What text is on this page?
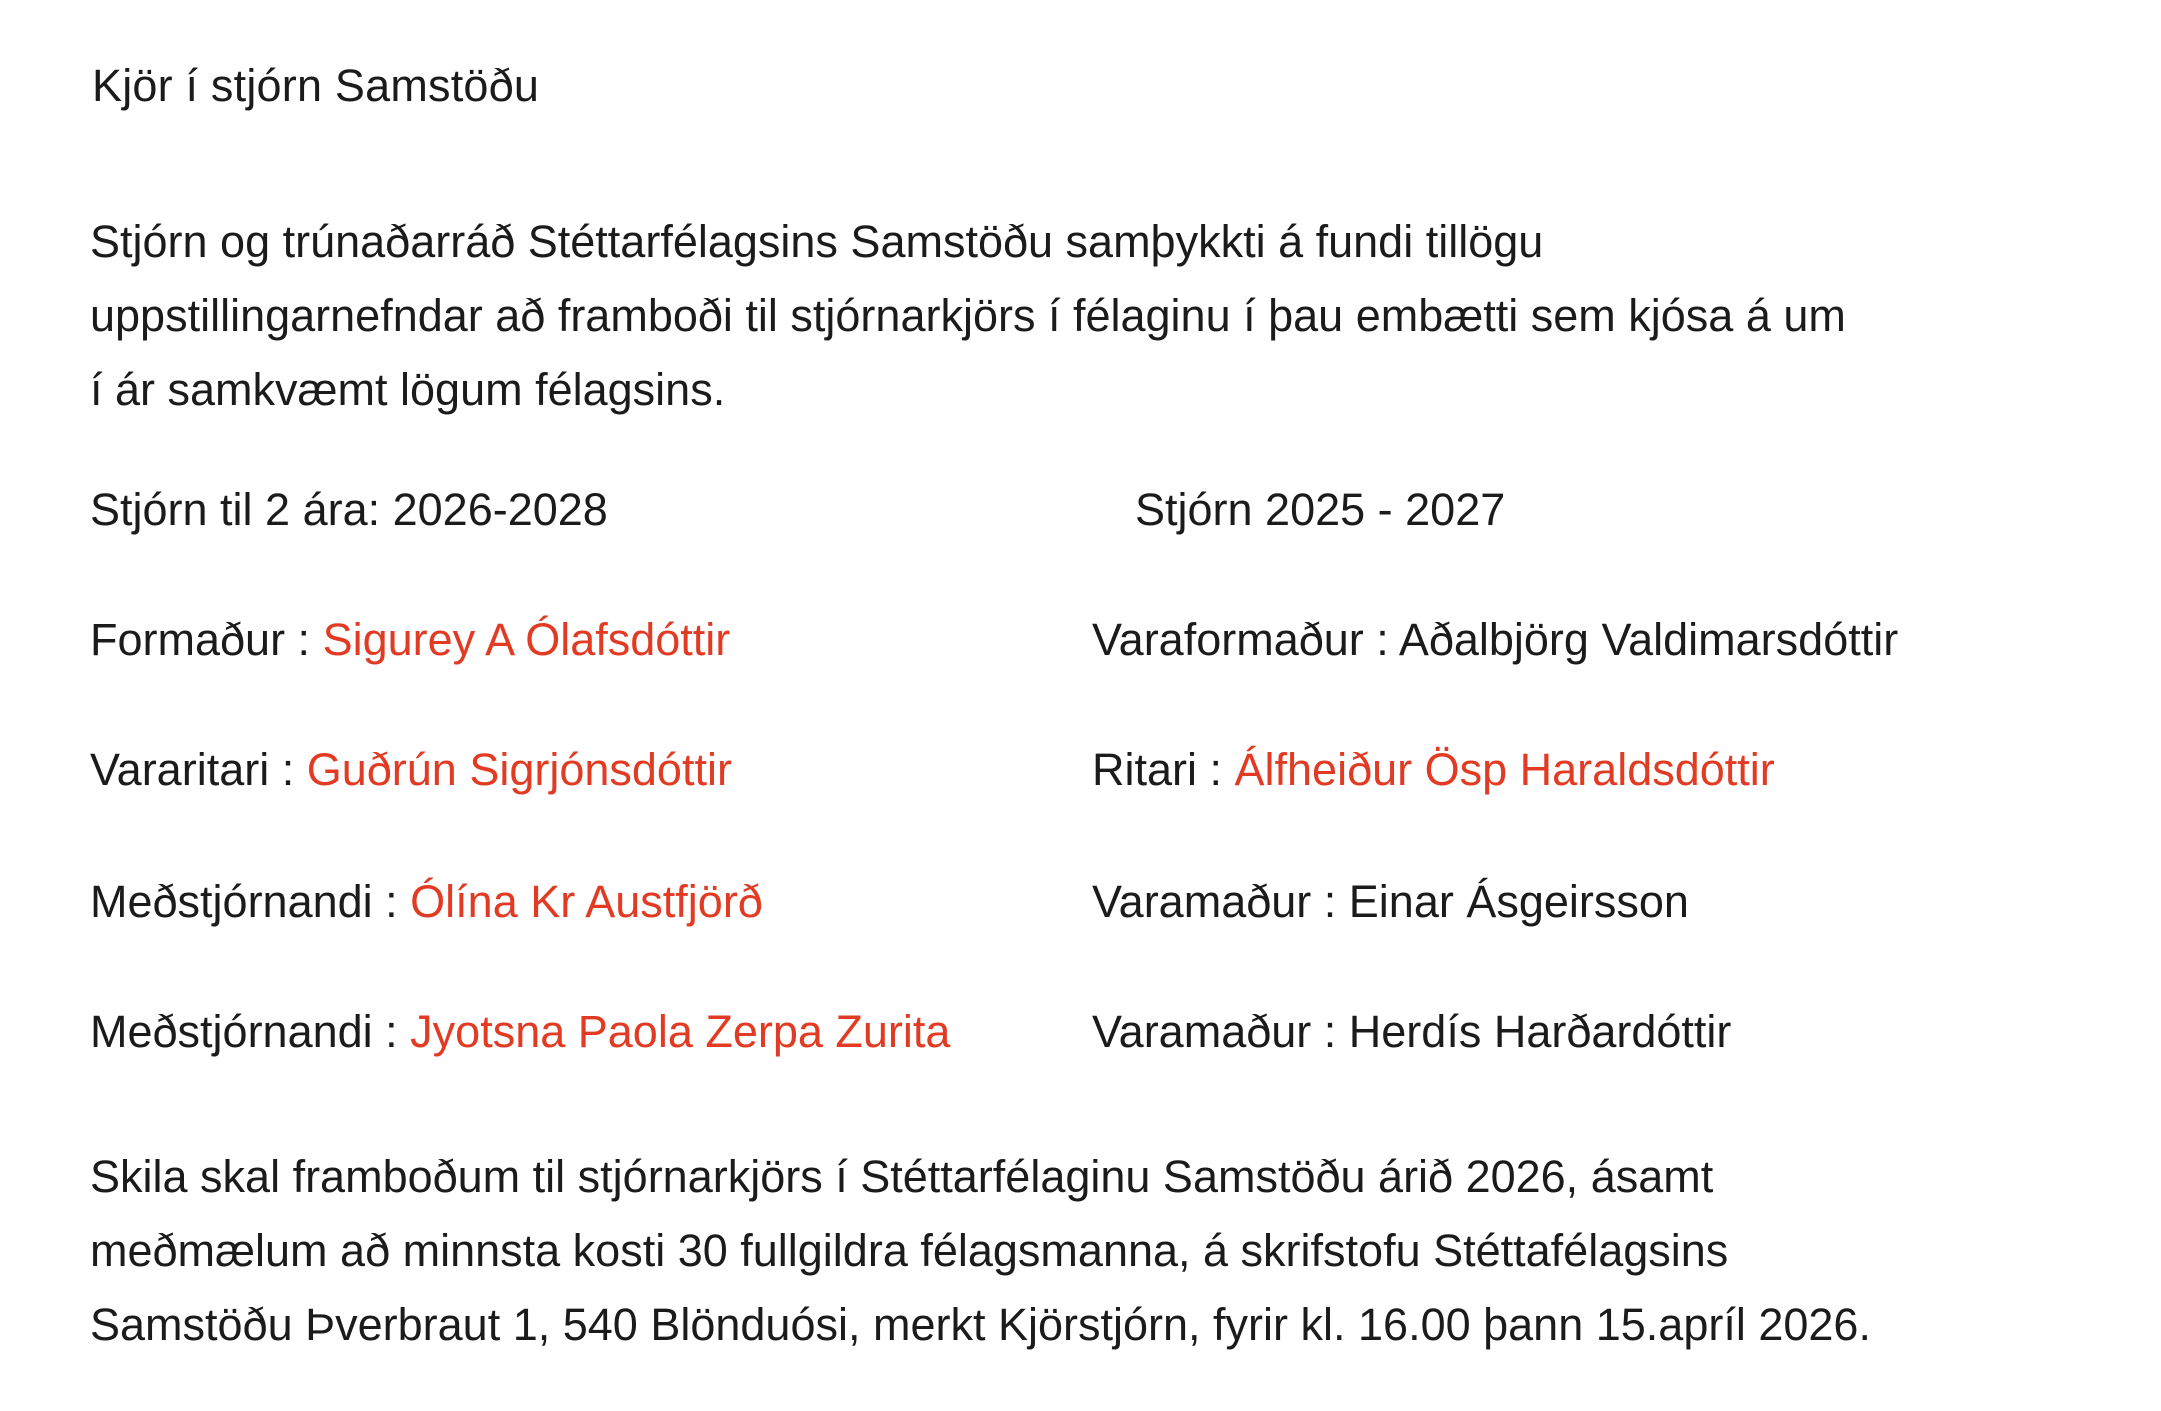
Kjör í stjórn Samstöðu
Stjórn og trúnaðarráð Stéttarfélagsins Samstöðu samþykkti á fundi tillögu
uppstillingarnefndar að framboði til stjórnarkjörs í félaginu í þau embætti sem kjósa á um
í ár samkvæmt lögum félagsins.
Stjórn til 2 ára: 2026-2028	Stjórn 2025 - 2027
Formaður : Sigurey A Ólafsdóttir
Vararitari : Guðrún Sigrjónsdóttir
Meðstjórnandi : Ólína Kr Austfjörð
Meðstjórnandi : Jyotsna Paola Zerpa Zurita
Varaformaður : Aðalbjörg Valdimarsdóttir
Ritari : Álfheiður Ösp Haraldsdóttir
Varamaður : Einar Ásgeirsson
Varamaður : Herdís Harðardóttir
Skila skal framboðum til stjórnarkjörs í Stéttarfélaginu Samstöðu árið 2026, ásamt
meðmælum að minnsta kosti 30 fullgildra félagsmanna, á skrifstofu Stéttafélagsins
Samstöðu Þverbraut 1, 540 Blönduósi, merkt Kjörstjórn, fyrir kl. 16.00 þann 15.apríl 2026.
